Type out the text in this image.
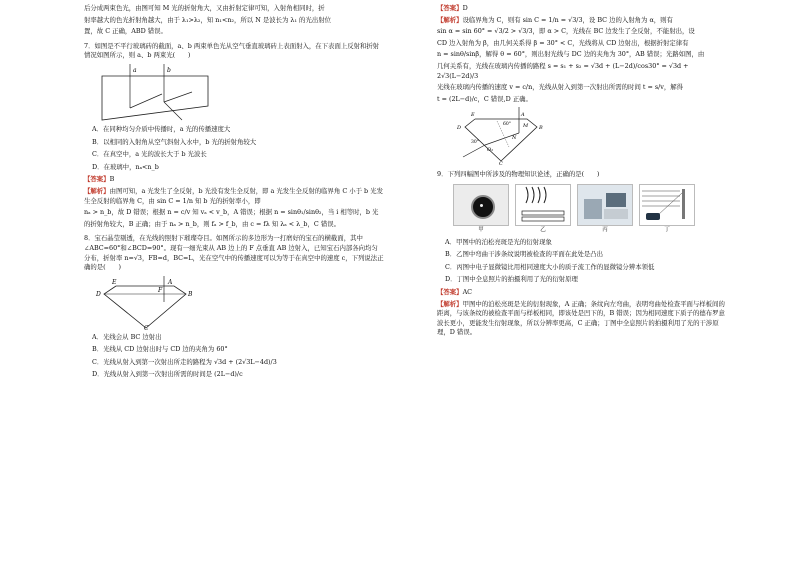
后分成两束色光，由图可知 M 光的折射角大，又由折射定律可知，入射角相同时，折

射率越大的色光折射角越大，由于 λ₁>λ₂，知 n₁<n₂，所以 N 是波长为 λ₁ 的光出射位

置，故 C 正确，ABD 错误。

7．如图是不平行玻璃砖的截面，a、b 两束单色光从空气垂直玻璃砖上表面射入，在下表面上反射和折射情况如图所示，则 a、b 两束光(　　)

a	b

A．在同种均匀介质中传播时，a 光的传播速度大

B．以相同的入射角从空气斜射入水中，b 光的折射角较大

C．在真空中，a 光的波长大于 b 光波长

D．在玻璃中，nₐ<n_b

【答案】B

【解析】由图可知，a 光发生了全反射，b 光没有发生全反射，即 a 光发生全反射的临界角 C 小于 b 光发生全反射的临界角 C，由 sin C = 1/n 知 b 光的折射率小，即

nₐ > n_b，故 D 错误；根据 n = c/v 知 vₐ < v_b，A 错误；根据 n = sinθ₁/sinθ₂，当 i 相等时，b 光

的折射角较大，B 正确；由于 nₐ > n_b，则 fₐ > f_b，由 c = fλ 知 λₐ < λ_b，C 错误。

8．宝石晶莹剔透，在光线的照射下璀璨夺目。如图所示的多边形为一打磨好的宝石的横截面，其中∠ABC=60°和∠BCD=90°。现有一细光束从 AB 边上的 F 点垂直 AB 边射入，已知宝石内部各向均匀分布，折射率 n=√3，FB=d，BC=L，光在空气中的传播速度可以为等于在真空中的速度 c，下列说法正确的是(　　)

E	A
F
B
D
C

A．光线会从 BC 边射出

B．光线从 CD 边射出时与 CD 边的夹角为 60°

C．光线从射入到第一次射出所走的路程为 √3d + (2√3L−4d)/3

D．光线从射入到第一次射出所需的时间是 (2L−d)/c

【答案】D

【解析】设临界角为 C，则有 sin C = 1/n = √3/3，设 BC 边的入射角为 α，则有

sin α = sin 60° = √3/2 > √3/3，即 α > C，光线在 BC 边发生了全反射，不能射出，设

CD 边入射角为 β，由几何关系得 β = 30° < C，光线将从 CD 边射出，根据折射定律有

n = sinθ/sinβ，解得 θ = 60°，则出射光线与 DC 边的夹角为 30°，AB 错误；光路如图，由

几何关系有，光线在玻璃内传播的路程 s = s₁ + s₂ = √3d + (L−2d)/cos30° = √3d + 2√3(L−2d)/3

光线在玻璃内传播的速度 v = c/n，光线从射入到第一次射出所需的时间 t = s/v，解得

t = (2L−d)/c，C 错误,D 正确。

E	A
M
N
D
O₁
B
C
60°
30°

9．下列四幅图中所涉及的物理知识论述，正确的是(　　)

甲	乙	丙	丁

A．甲图中的泊松亮斑是光的衍射现象

B．乙图中弯曲干涉条纹说明被检查的平面在此处是凸出

C．丙图中电子显微镜比用相同速度大小的质子流工作的显微镜分辨本领低

D．丁图中全息照片的拍摄利用了光的衍射原理

【答案】AC

【解析】甲图中的泊松亮斑是光的衍射现象，A 正确；条纹向左弯曲，表明弯曲处检查平面与样板间的距离，与该条纹的被检查平面与样板相同，即该处是凹下的，B 错误；因为相同速度下质子的德布罗意波长更小，更能发生衍射现象，所以分辨率更高，C 正确；丁图中全息照片的拍摄利用了光的干涉原理，D 错误。
